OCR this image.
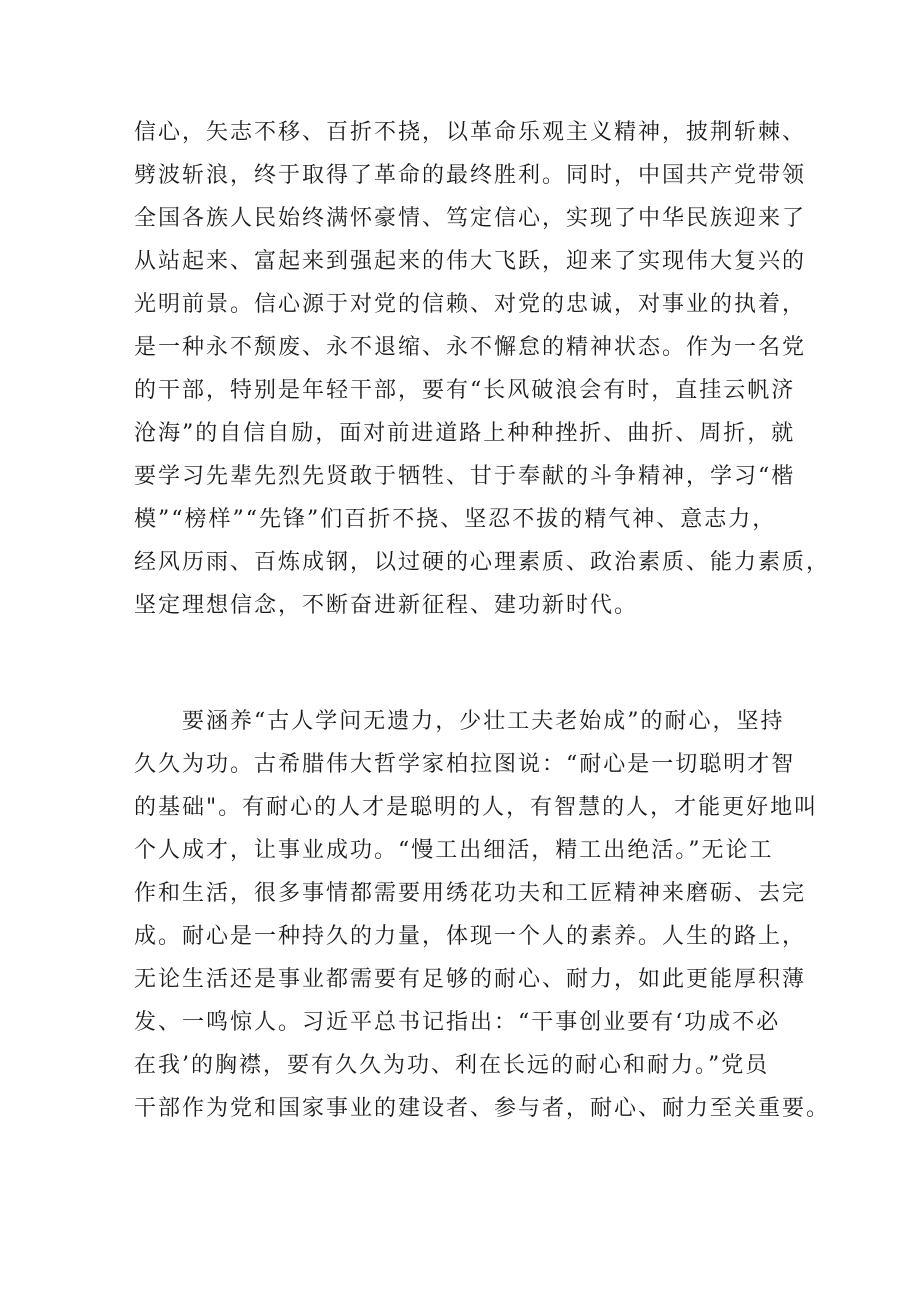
信心，矢志不移、百折不挠，以革命乐观主义精神，披荆斩棘、
劈波斩浪，终于取得了革命的最终胜利。同时，中国共产党带领
全国各族人民始终满怀豪情、笃定信心，实现了中华民族迎来了
从站起来、富起来到强起来的伟大飞跃，迎来了实现伟大复兴的
光明前景。信心源于对党的信赖、对党的忠诚，对事业的执着，
是一种永不颓废、永不退缩、永不懈怠的精神状态。作为一名党
的干部，特别是年轻干部，要有“长风破浪会有时，直挂云帆济
沧海”的自信自励，面对前进道路上种种挫折、曲折、周折，就
要学习先辈先烈先贤敢于牺牲、甘于奉献的斗争精神，学习“楷
模”“榜样”“先锋”们百折不挠、坚忍不拔的精气神、意志力，
经风历雨、百炼成钢，以过硬的心理素质、政治素质、能力素质，
坚定理想信念，不断奋进新征程、建功新时代。
要涵养“古人学问无遗力，少壮工夫老始成”的耐心，坚持
久久为功。古希腊伟大哲学家柏拉图说：“耐心是一切聪明才智
的基础"。有耐心的人才是聪明的人，有智慧的人，才能更好地叫
个人成才，让事业成功。“慢工出细活，精工出绝活。”无论工
作和生活，很多事情都需要用绣花功夫和工匠精神来磨砺、去完
成。耐心是一种持久的力量，体现一个人的素养。人生的路上，
无论生活还是事业都需要有足够的耐心、耐力，如此更能厚积薄
发、一鸣惊人。习近平总书记指出：“干事创业要有‘功成不必
在我’的胸襟，要有久久为功、利在长远的耐心和耐力。”党员
干部作为党和国家事业的建设者、参与者，耐心、耐力至关重要。
